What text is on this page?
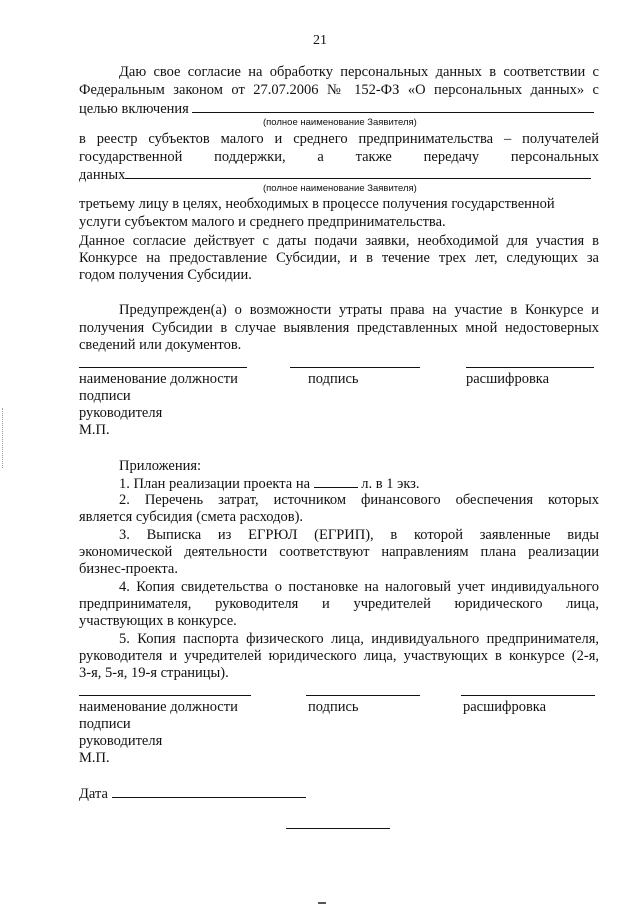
21
Даю свое согласие на обработку персональных данных в соответствии с
Федеральным законом от 27.07.2006 № 152-ФЗ «О персональных данных» с
целью включения
(полное наименование Заявителя)
в реестр субъектов малого и среднего предпринимательства – получателей
государственной поддержки, а также передачу персональных
данных
(полное наименование Заявителя)
третьему лицу в целях, необходимых в процессе получения государственной
услуги субъектом малого и среднего предпринимательства.
Данное согласие действует с даты подачи заявки, необходимой для участия в
Конкурсе на предоставление Субсидии, и в течение трех лет, следующих за
годом получения Субсидии.
Предупрежден(а) о возможности утраты права на участие в Конкурсе и
получения Субсидии в случае выявления представленных мной недостоверных
сведений или документов.
наименование должности	подпись	расшифровка
подписи
руководителя
М.П.
Приложения:
1. План реализации проекта на	л. в 1 экз.
2. Перечень затрат, источником финансового обеспечения которых
является субсидия (смета расходов).
3. Выписка из ЕГРЮЛ (ЕГРИП), в которой заявленные виды
экономической деятельности соответствуют направлениям плана реализации
бизнес-проекта.
4. Копия свидетельства о постановке на налоговый учет индивидуального
предпринимателя, руководителя и учредителей юридического лица,
участвующих в конкурсе.
5. Копия паспорта физического лица, индивидуального предпринимателя,
руководителя и учредителей юридического лица, участвующих в конкурсе (2-я,
3-я, 5-я, 19-я страницы).
наименование должности	подпись	расшифровка
подписи
руководителя
М.П.
Дата
